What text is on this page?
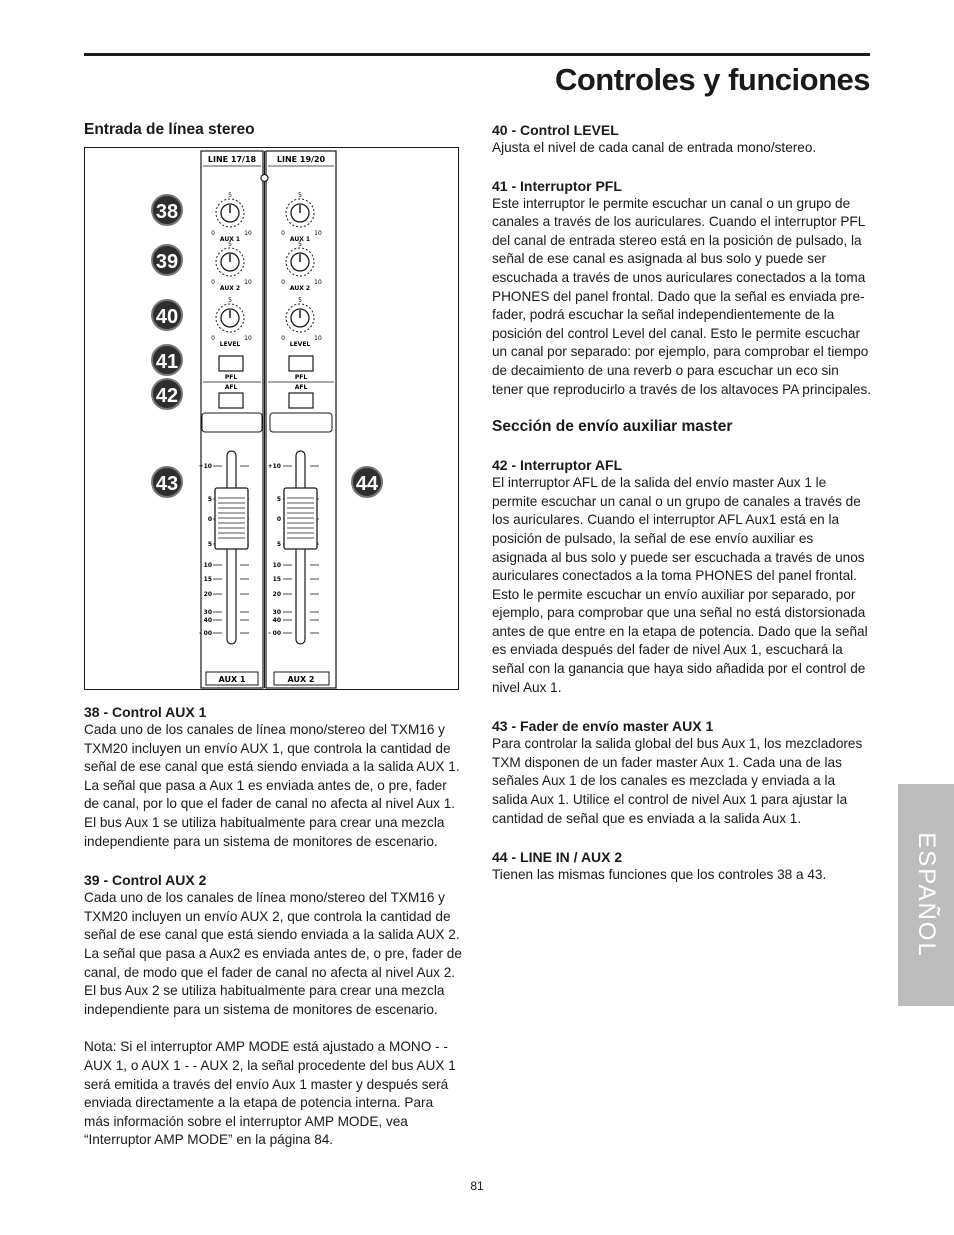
Controles y funciones
Entrada de línea stereo
LINE 17/18	LINE 19/20
5
0	10
AUX 1
5
0	10
AUX 2
5
0	10
LEVEL
5
0	10
AUX 1
5
0	10
AUX 2
5
0	10
LEVEL
PFL	PFL
AFL	AFL
+10
5
0
5
10
15
20
30
40
- 00
+10
5
0
5
10
15
20
30
40
- 00
AUX 1	AUX 2
38
39
40
41
42
43	44
38 - Control AUX 1

Cada uno de los canales de línea mono/stereo del TXM16 y TXM20 incluyen un envío AUX 1, que controla la cantidad de señal de ese canal que está siendo enviada a la salida AUX 1. La señal que pasa a Aux 1 es enviada antes de, o pre, fader de canal, por lo que el fader de canal no afecta al nivel Aux 1. El bus Aux 1 se utiliza habitualmente para crear una mezcla independiente para un sistema de monitores de escenario.

39 - Control AUX 2

Cada uno de los canales de línea mono/stereo del TXM16 y TXM20 incluyen un envío AUX 2, que controla la cantidad de señal de ese canal que está siendo enviada a la salida AUX 2. La señal que pasa a Aux2 es enviada antes de, o pre, fader de canal, de modo que el fader de canal no afecta al nivel Aux 2. El bus Aux 2 se utiliza habitualmente para crear una mezcla independiente para un sistema de monitores de escenario.

Nota: Si el interruptor AMP MODE está ajustado a MONO - - AUX 1, o AUX 1 - - AUX 2, la señal procedente del bus AUX 1 será emitida a través del envío Aux 1 master y después será enviada directamente a la etapa de potencia interna. Para más información sobre el interruptor AMP MODE, vea “Interruptor AMP MODE” en la página 84.

40 - Control LEVEL

Ajusta el nivel de cada canal de entrada mono/stereo.

41 - Interruptor PFL

Este interruptor le permite escuchar un canal o un grupo de canales a través de los auriculares. Cuando el interruptor PFL del canal de entrada stereo está en la posición de pulsado, la señal de ese canal es asignada al bus solo y puede ser escuchada a través de unos auriculares conectados a la toma PHONES del panel frontal. Dado que la señal es enviada pre-fader, podrá escuchar la señal independientemente de la posición del control Level del canal. Esto le permite escuchar un canal por separado: por ejemplo, para comprobar el tiempo de decaimiento de una reverb o para escuchar un eco sin tener que reproducirlo a través de los altavoces PA principales.

Sección de envío auxiliar master
42 - Interruptor AFL

El interruptor AFL de la salida del envío master Aux 1 le permite escuchar un canal o un grupo de canales a través de los auriculares. Cuando el interruptor AFL Aux1 está en la posición de pulsado, la señal de ese envío auxiliar es asignada al bus solo y puede ser escuchada a través de unos auriculares conectados a la toma PHONES del panel frontal. Esto le permite escuchar un envío auxiliar por separado, por ejemplo, para comprobar que una señal no está distorsionada antes de que entre en la etapa de potencia. Dado que la señal es enviada después del fader de nivel Aux 1, escuchará la señal con la ganancia que haya sido añadida por el control de nivel Aux 1.

43 - Fader de envío master AUX 1

Para controlar la salida global del bus Aux 1, los mezcladores TXM disponen de un fader master Aux 1. Cada una de las señales Aux 1 de los canales es mezclada y enviada a la salida Aux 1. Utilice el control de nivel Aux 1 para ajustar la cantidad de señal que es enviada a la salida Aux 1.

44 - LINE IN / AUX 2

Tienen las mismas funciones que los controles 38 a 43.	ESPAÑOL
81
